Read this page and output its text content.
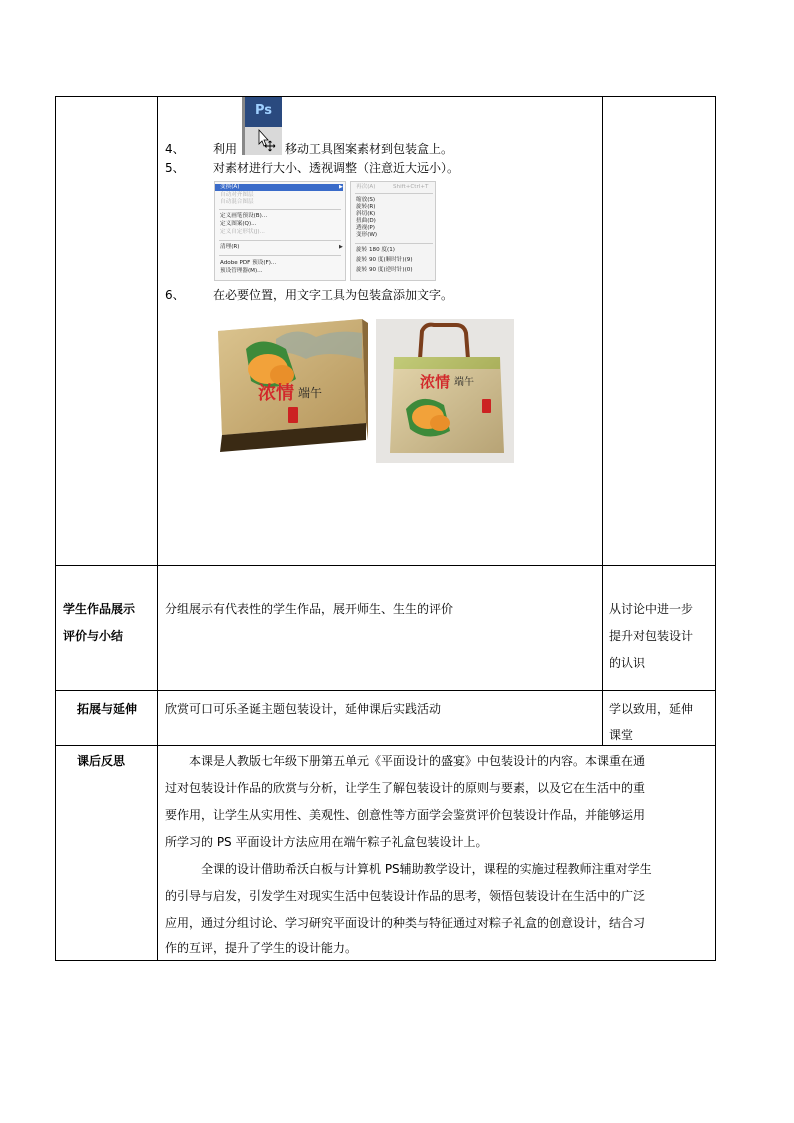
4、 利用
Ps
移动工具图案素材到包装盒上。
5、 对素材进行大小、透视调整（注意近大远小）。
变换(A)	▶
自动对齐图层
自动混合图层
定义画笔预设(B)...
定义图案(Q)...
定义自定形状(J)...
清理(R)	▶
Adobe PDF 预设(F)...
预设管理器(M)...
再次(A)	Shift+Ctrl+T
缩放(S)
旋转(R)
斜切(K)
扭曲(D)
透视(P)
变形(W)
旋转 180 度(1)
旋转 90 度(顺时针)(9)
旋转 90 度(逆时针)(0)
6、 在必要位置，用文字工具为包装盒添加文字。
浓情 端午
浓情 端午
学生作品展示
评价与小结
分组展示有代表性的学生作品，展开师生、生生的评价	从讨论中进一步
提升对包装设计
的认识
拓展与延伸 欣赏可口可乐圣诞主题包装设计，延伸课后实践活动	学以致用，延伸
课堂
课后反思	本课是人教版七年级下册第五单元《平面设计的盛宴》中包装设计的内容。本课重在通
过对包装设计作品的欣赏与分析，让学生了解包装设计的原则与要素，以及它在生活中的重
要作用，让学生从实用性、美观性、创意性等方面学会鉴赏评价包装设计作品，并能够运用
所学习的 PS 平面设计方法应用在端午粽子礼盒包装设计上。
全课的设计借助希沃白板与计算机 PS辅助教学设计，课程的实施过程教师注重对学生
的引导与启发，引发学生对现实生活中包装设计作品的思考，领悟包装设计在生活中的广泛
应用，通过分组讨论、学习研究平面设计的种类与特征通过对粽子礼盒的创意设计，结合习
作的互评，提升了学生的设计能力。
